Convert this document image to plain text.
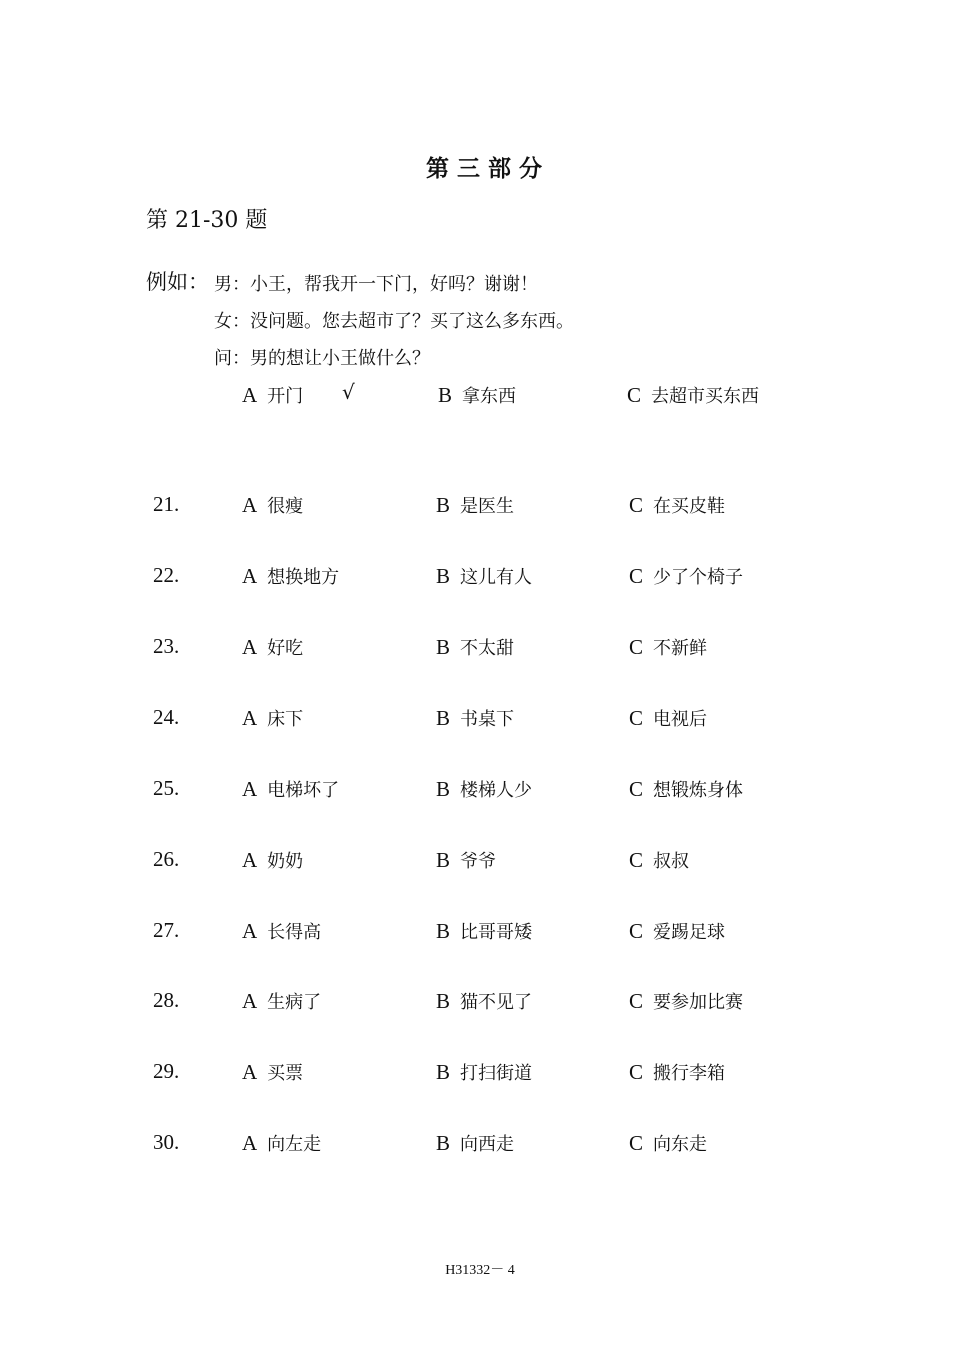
第三部分
第 21-30 题
例如： 男：小王，帮我开一下门，好吗？谢谢！
女：没问题。您去超市了？买了这么多东西。
问：男的想让小王做什么？
A 开门 √	B 拿东西	C 去超市买东西
21.	A 很瘦	B 是医生	C 在买皮鞋
22.	A 想换地方	B 这儿有人	C 少了个椅子
23.	A 好吃	B 不太甜	C 不新鲜
24.	A 床下	B 书桌下	C 电视后
25.	A 电梯坏了	B 楼梯人少	C 想锻炼身体
26.	A 奶奶	B 爷爷	C 叔叔
27.	A 长得高	B 比哥哥矮	C 爱踢足球
28.	A 生病了	B 猫不见了	C 要参加比赛
29.	A 买票	B 打扫街道	C 搬行李箱
30.	A 向左走	B 向西走	C 向东走
H31332－ 4
